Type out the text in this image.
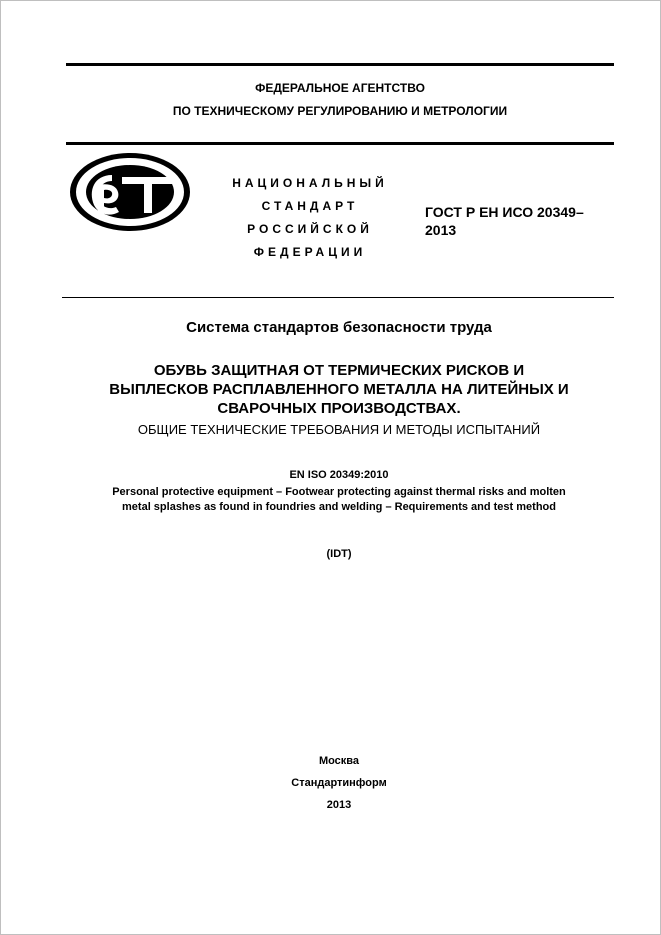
ФЕДЕРАЛЬНОЕ АГЕНТСТВО
ПО ТЕХНИЧЕСКОМУ РЕГУЛИРОВАНИЮ И МЕТРОЛОГИИ
НАЦИОНАЛЬНЫЙ
СТАНДАРТ
РОССИЙСКОЙ
ФЕДЕРАЦИИ
ГОСТ Р ЕН ИСО 20349–
2013
Система стандартов безопасности труда
ОБУВЬ ЗАЩИТНАЯ ОТ ТЕРМИЧЕСКИХ РИСКОВ И
ВЫПЛЕСКОВ РАСПЛАВЛЕННОГО МЕТАЛЛА НА ЛИТЕЙНЫХ И
СВАРОЧНЫХ ПРОИЗВОДСТВАХ.
ОБЩИЕ ТЕХНИЧЕСКИЕ ТРЕБОВАНИЯ И МЕТОДЫ ИСПЫТАНИЙ
EN ISO 20349:2010
Personal protective equipment – Footwear protecting against thermal risks and molten
metal splashes as found in foundries and welding – Requirements and test method
(IDT)
Москва
Стандартинформ
2013
